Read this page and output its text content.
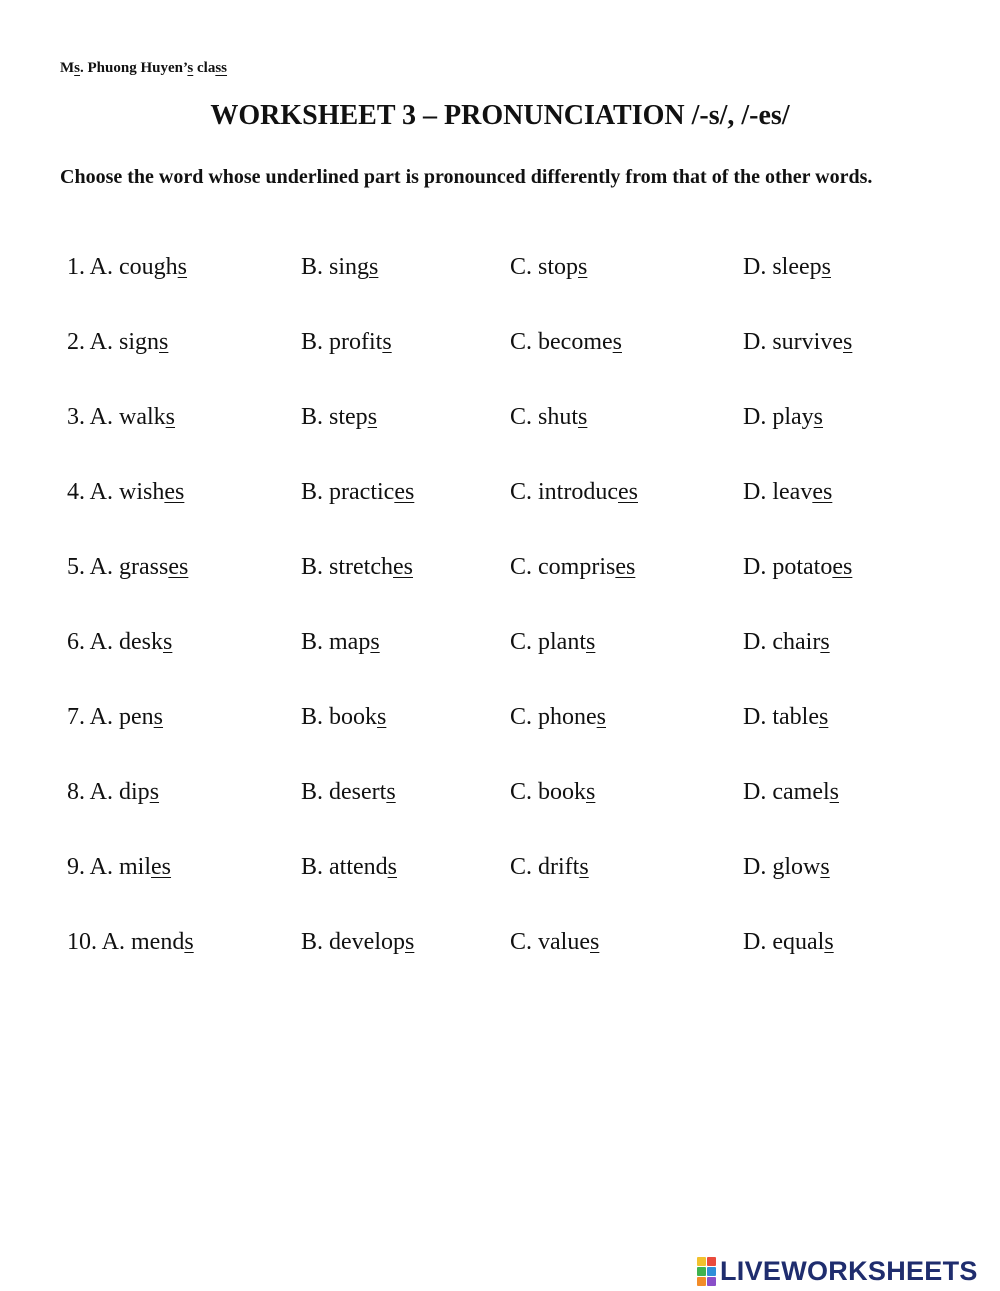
Ms. Phuong Huyen’s class
WORKSHEET 3 – PRONUNCIATION /-s/, /-es/
Choose the word whose underlined part is pronounced differently from that of the other words.
1. A. coughs	B. sings	C. stops	D. sleeps
2. A. signs	B. profits	C. becomes	D. survives
3. A. walks	B. steps	C. shuts	D. plays
4. A. wishes	B. practices	C. introduces	D. leaves
5. A. grasses	B. stretches	C. comprises	D. potatoes
6. A. desks	B. maps	C. plants	D. chairs
7. A. pens	B. books	C. phones	D. tables
8. A. dips	B. deserts	C. books	D. camels
9. A. miles	B. attends	C. drifts	D. glows
10. A. mends	B. develops	C. values	D. equals
LIVEWORKSHEETS
